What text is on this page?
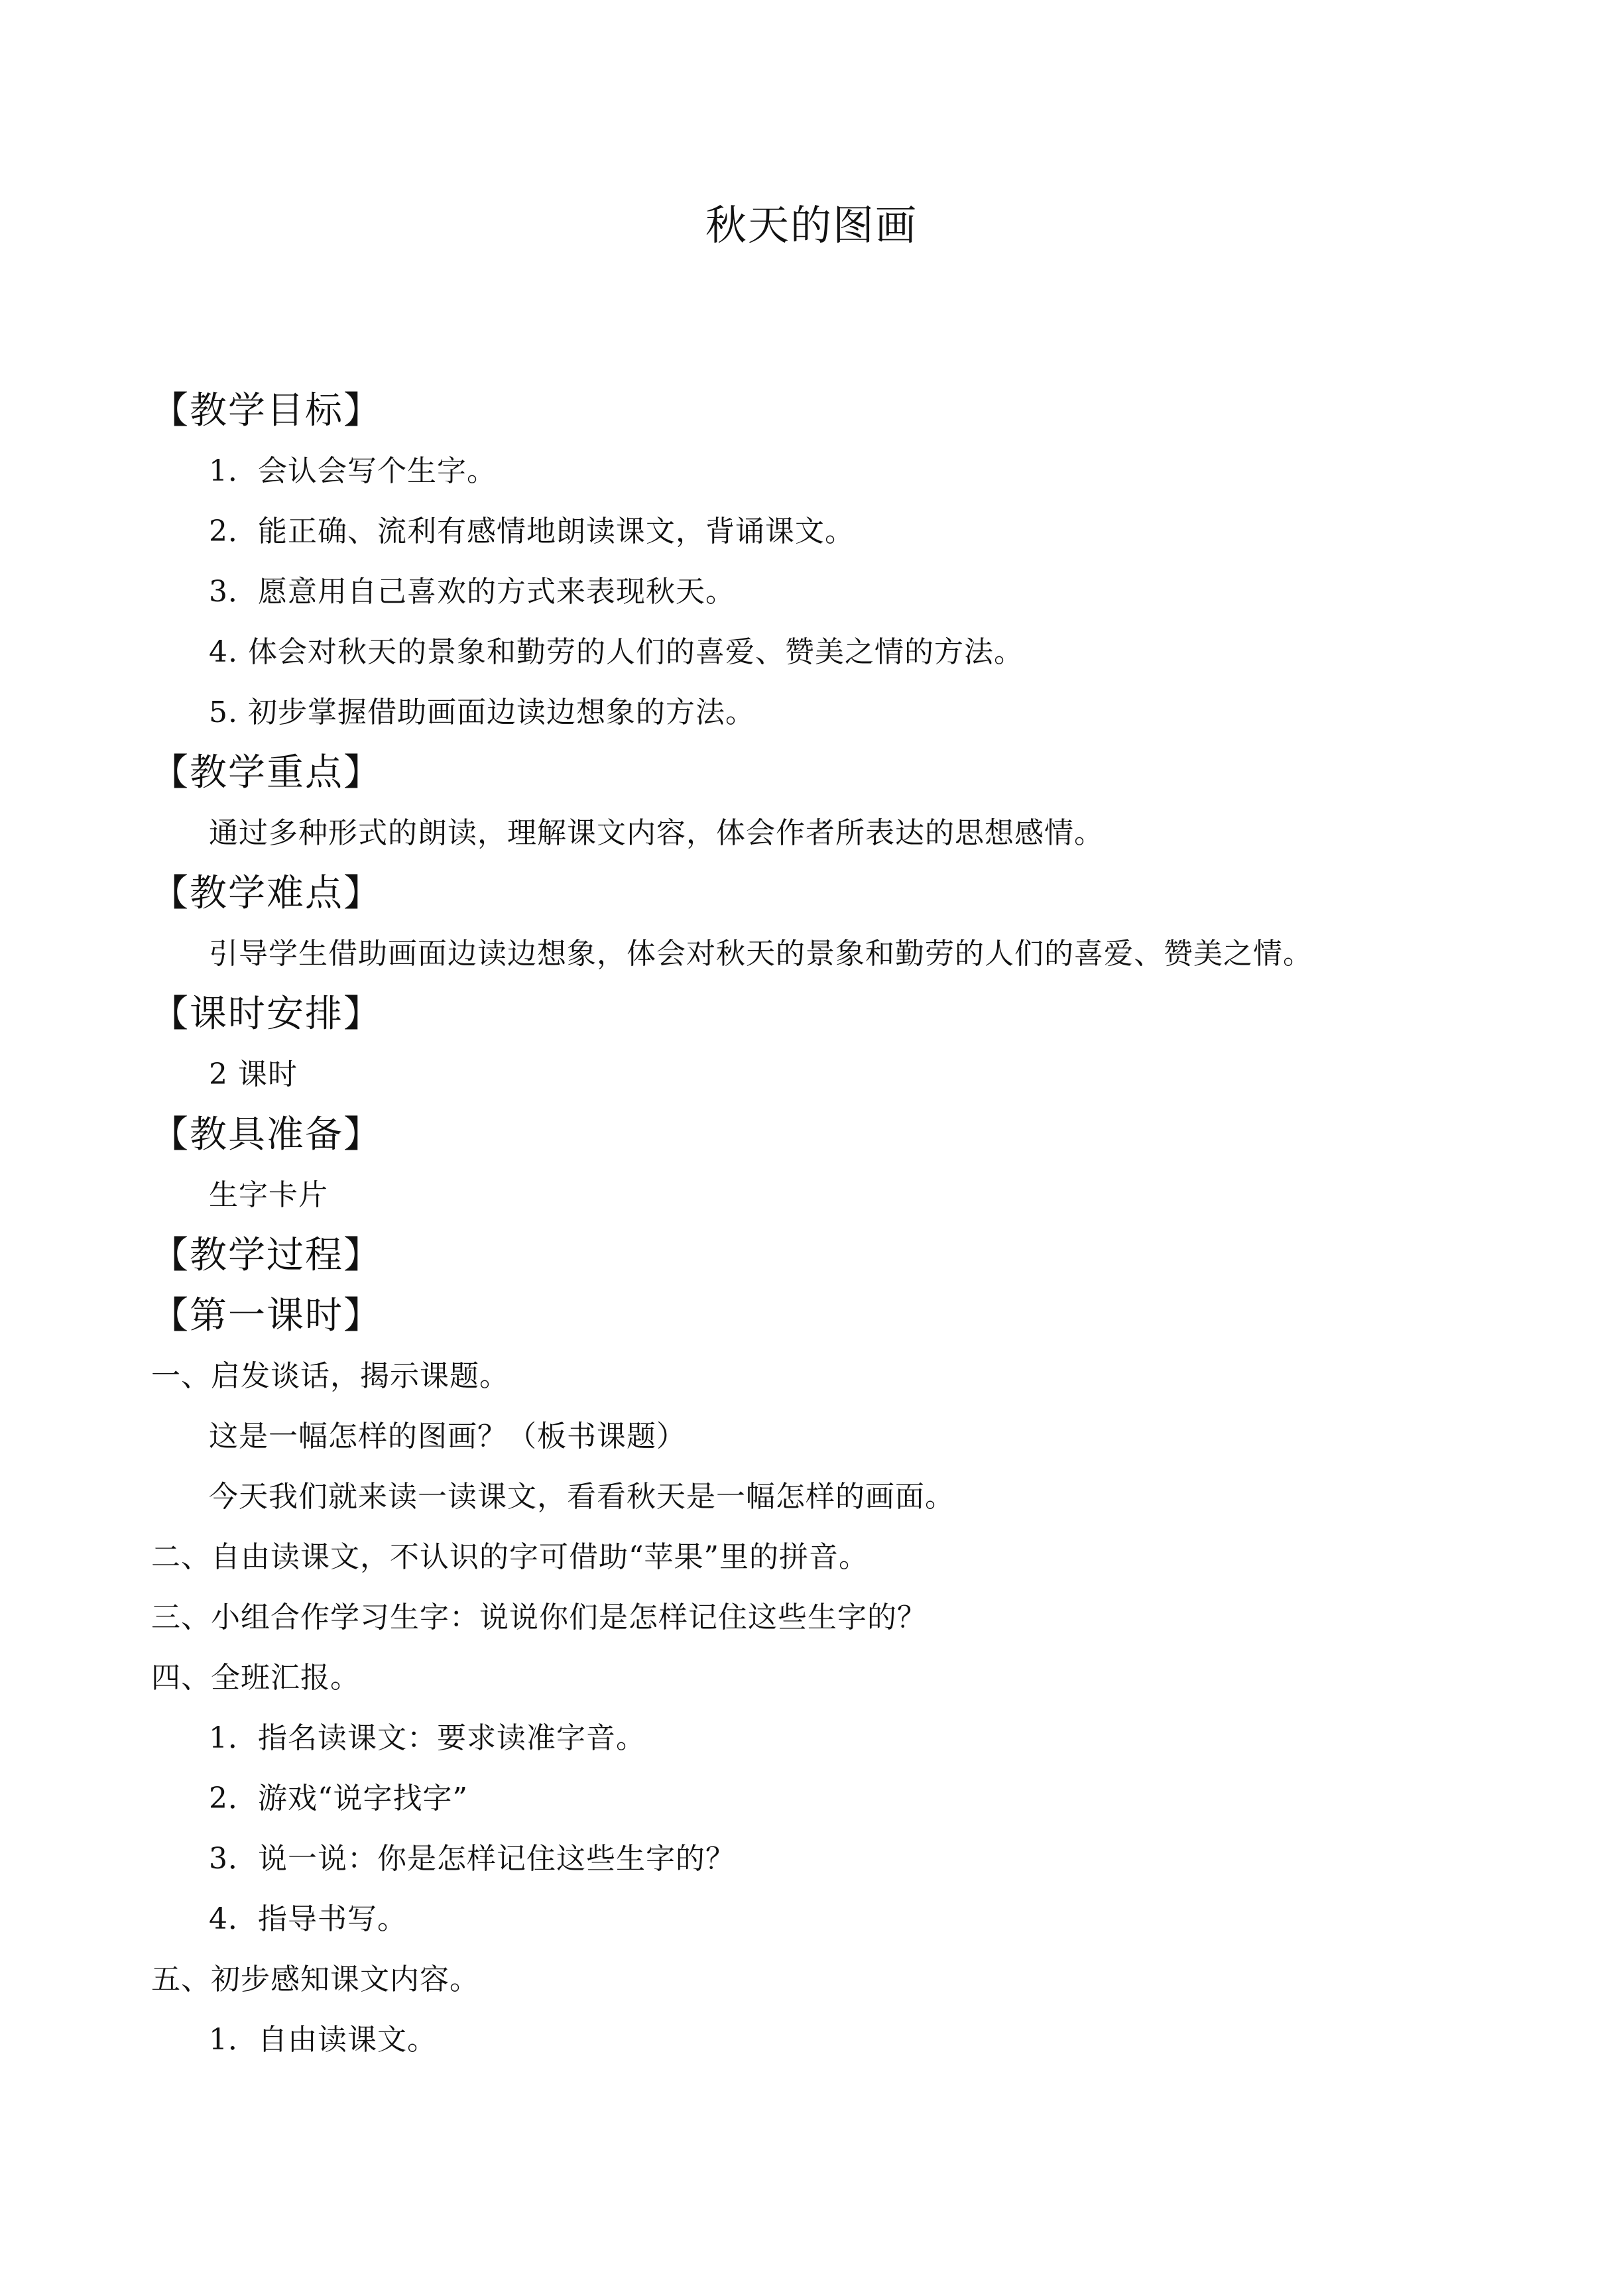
秋天的图画
【教学目标】
1．会认会写个生字。
2．能正确、流利有感情地朗读课文，背诵课文。
3．愿意用自己喜欢的方式来表现秋天。
4. 体会对秋天的景象和勤劳的人们的喜爱、赞美之情的方法。
5. 初步掌握借助画面边读边想象的方法。
【教学重点】
通过多种形式的朗读，理解课文内容，体会作者所表达的思想感情。
【教学难点】
引导学生借助画面边读边想象，体会对秋天的景象和勤劳的人们的喜爱、赞美之情。
【课时安排】
2 课时
【教具准备】
生字卡片
【教学过程】
【第一课时】
一、启发谈话，揭示课题。
这是一幅怎样的图画？（板书课题）
今天我们就来读一读课文，看看秋天是一幅怎样的画面。
二、自由读课文，不认识的字可借助“苹果”里的拼音。
三、小组合作学习生字：说说你们是怎样记住这些生字的？
四、全班汇报。
1．指名读课文：要求读准字音。
2．游戏“说字找字”
3．说一说：你是怎样记住这些生字的？
4．指导书写。
五、初步感知课文内容。
1．自由读课文。
